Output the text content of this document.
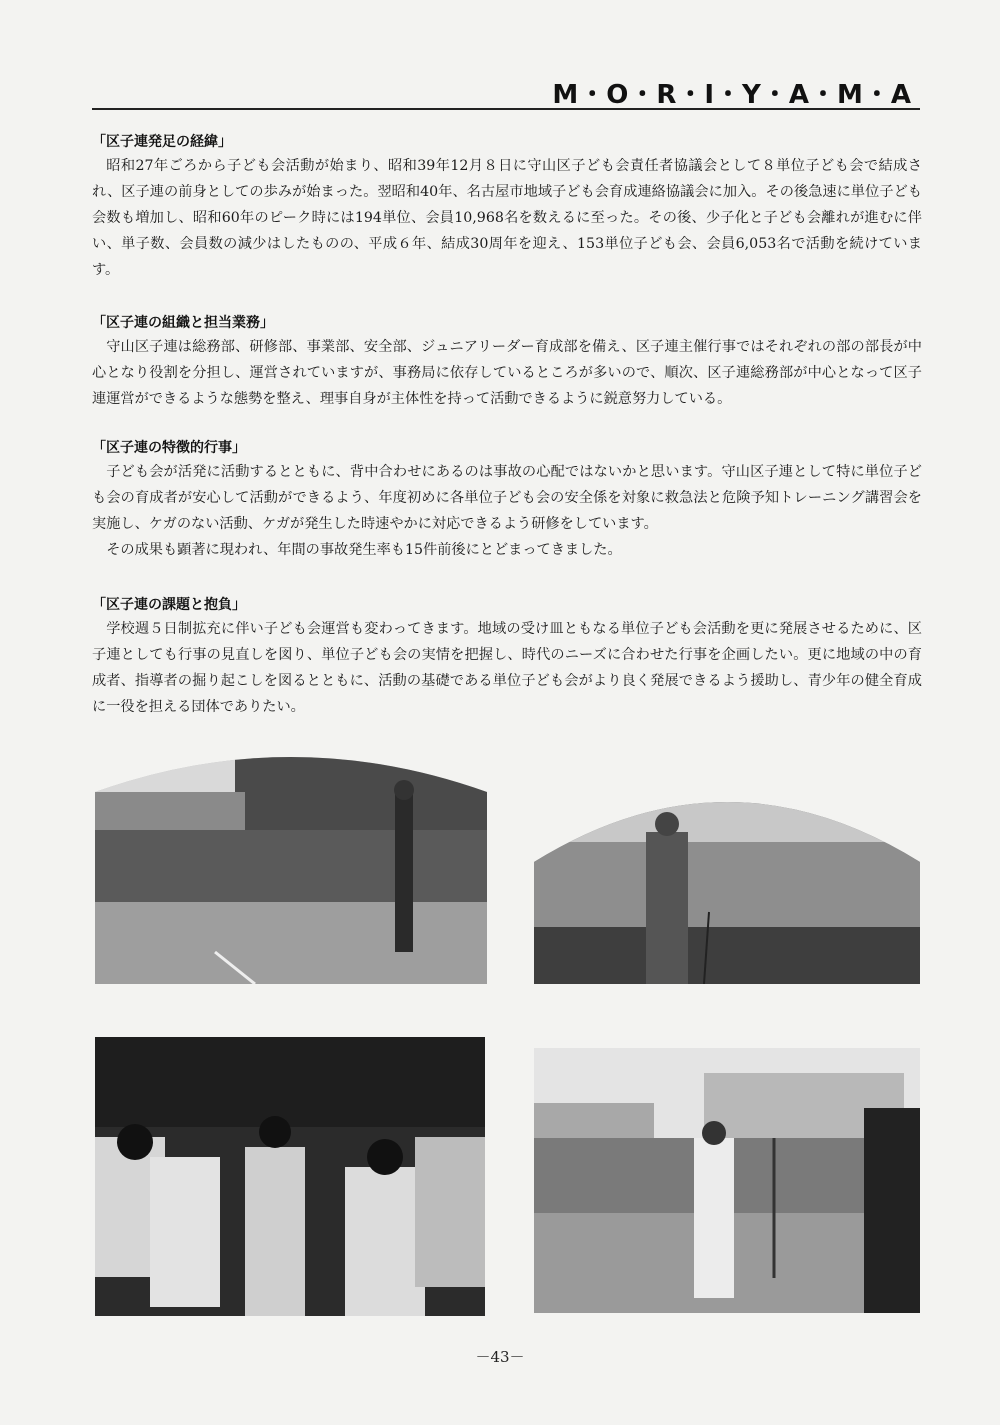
M・O・R・I・Y・A・M・A
「区子連発足の経緯」

昭和27年ごろから子ども会活動が始まり、昭和39年12月８日に守山区子ども会責任者協議会として８単位子ども会で結成され、区子連の前身としての歩みが始まった。翌昭和40年、名古屋市地域子ども会育成連絡協議会に加入。その後急速に単位子ども会数も増加し、昭和60年のピーク時には194単位、会員10,968名を数えるに至った。その後、少子化と子ども会離れが進むに伴い、単子数、会員数の減少はしたものの、平成６年、結成30周年を迎え、153単位子ども会、会員6,053名で活動を続けています。

「区子連の組織と担当業務」

守山区子連は総務部、研修部、事業部、安全部、ジュニアリーダー育成部を備え、区子連主催行事ではそれぞれの部の部長が中心となり役割を分担し、運営されていますが、事務局に依存しているところが多いので、順次、区子連総務部が中心となって区子連運営ができるような態勢を整え、理事自身が主体性を持って活動できるように鋭意努力している。

「区子連の特徴的行事」

子ども会が活発に活動するとともに、背中合わせにあるのは事故の心配ではないかと思います。守山区子連として特に単位子ども会の育成者が安心して活動ができるよう、年度初めに各単位子ども会の安全係を対象に救急法と危険予知トレーニング講習会を実施し、ケガのない活動、ケガが発生した時速やかに対応できるよう研修をしています。

その成果も顕著に現われ、年間の事故発生率も15件前後にとどまってきました。

「区子連の課題と抱負」

学校週５日制拡充に伴い子ども会運営も変わってきます。地域の受け皿ともなる単位子ども会活動を更に発展させるために、区子連としても行事の見直しを図り、単位子ども会の実情を把握し、時代のニーズに合わせた行事を企画したい。更に地域の中の育成者、指導者の掘り起こしを図るとともに、活動の基礎である単位子ども会がより良く発展できるよう援助し、青少年の健全育成に一役を担える団体でありたい。

－43－
